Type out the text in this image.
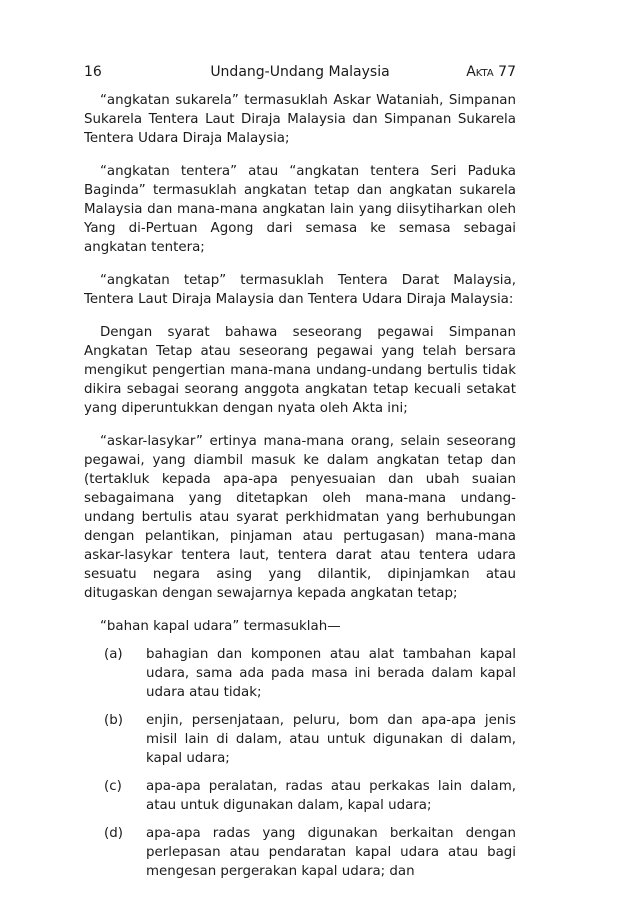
16	Undang-Undang Malaysia	Akta 77

“angkatan sukarela” termasuklah Askar Wataniah, Simpanan Sukarela Tentera Laut Diraja Malaysia dan Simpanan Sukarela Tentera Udara Diraja Malaysia;

“angkatan tentera” atau “angkatan tentera Seri Paduka Baginda” termasuklah angkatan tetap dan angkatan sukarela Malaysia dan mana-mana angkatan lain yang diisytiharkan oleh Yang di-Pertuan Agong dari semasa ke semasa sebagai angkatan tentera;

“angkatan tetap” termasuklah Tentera Darat Malaysia, Tentera Laut Diraja Malaysia dan Tentera Udara Diraja Malaysia:

Dengan syarat bahawa seseorang pegawai Simpanan Angkatan Tetap atau seseorang pegawai yang telah bersara mengikut pengertian mana-mana undang-undang bertulis tidak dikira sebagai seorang anggota angkatan tetap kecuali setakat yang diperuntukkan dengan nyata oleh Akta ini;

“askar-lasykar” ertinya mana-mana orang, selain seseorang pegawai, yang diambil masuk ke dalam angkatan tetap dan (tertakluk kepada apa-apa penyesuaian dan ubah suaian sebagaimana yang ditetapkan oleh mana-mana undang-undang bertulis atau syarat perkhidmatan yang berhubungan dengan pelantikan, pinjaman atau pertugasan) mana-mana askar-lasykar tentera laut, tentera darat atau tentera udara sesuatu negara asing yang dilantik, dipinjamkan atau ditugaskan dengan sewajarnya kepada angkatan tetap;

“bahan kapal udara” termasuklah—

(a)	bahagian dan komponen atau alat tambahan kapal udara, sama ada pada masa ini berada dalam kapal udara atau tidak;
(b)	enjin, persenjataan, peluru, bom dan apa-apa jenis misil lain di dalam, atau untuk digunakan di dalam, kapal udara;
(c)	apa-apa peralatan, radas atau perkakas lain dalam, atau untuk digunakan dalam, kapal udara;
(d)	apa-apa radas yang digunakan berkaitan dengan perlepasan atau pendaratan kapal udara atau bagi mengesan pergerakan kapal udara; dan
